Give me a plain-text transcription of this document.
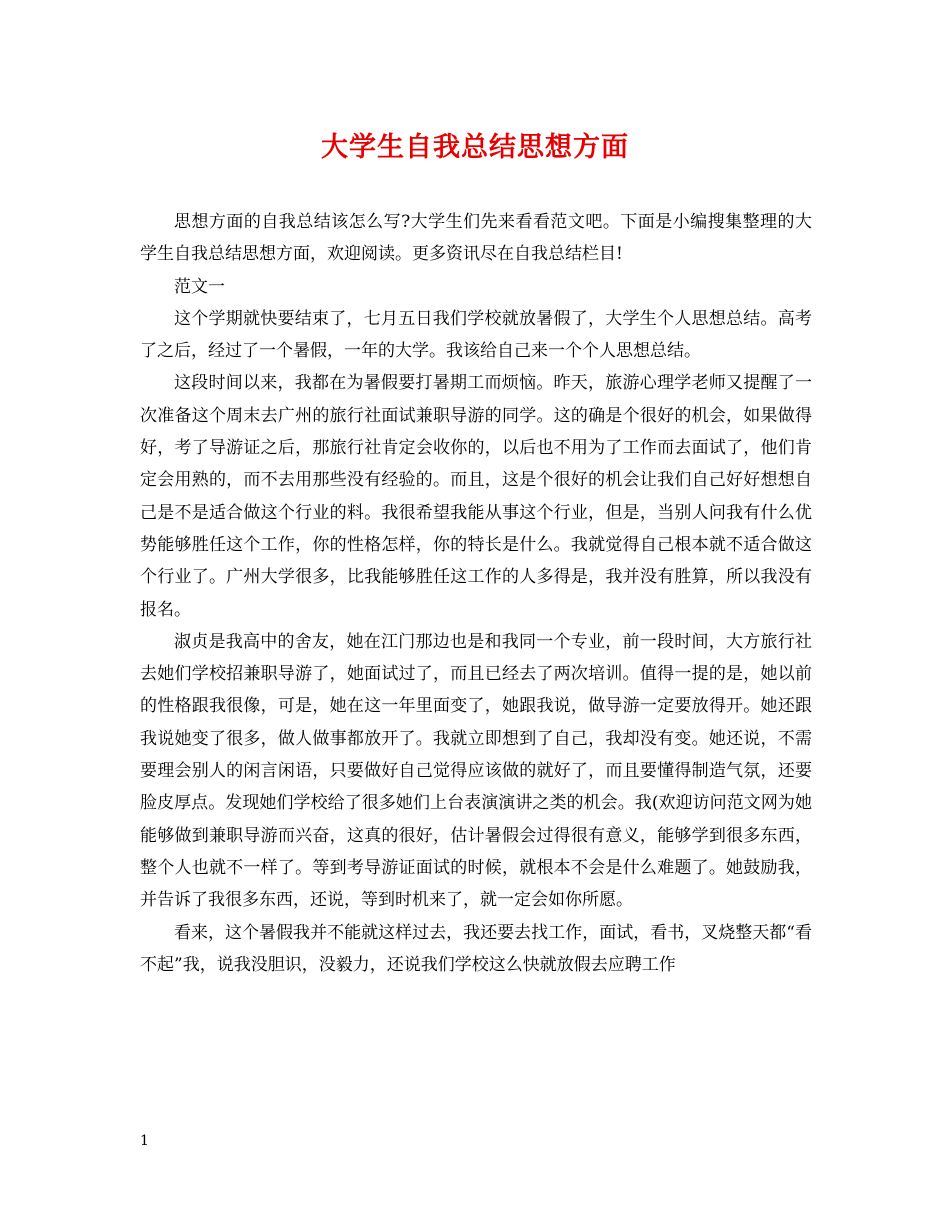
大学生自我总结思想方面

思想方面的自我总结该怎么写?大学生们先来看看范文吧。下面是小编搜集整理的大学生自我总结思想方面，欢迎阅读。更多资讯尽在自我总结栏目!

范文一

这个学期就快要结束了，七月五日我们学校就放暑假了，大学生个人思想总结。高考了之后，经过了一个暑假，一年的大学。我该给自己来一个个人思想总结。

这段时间以来，我都在为暑假要打暑期工而烦恼。昨天，旅游心理学老师又提醒了一次准备这个周末去广州的旅行社面试兼职导游的同学。这的确是个很好的机会，如果做得好，考了导游证之后，那旅行社肯定会收你的，以后也不用为了工作而去面试了，他们肯定会用熟的，而不去用那些没有经验的。而且，这是个很好的机会让我们自己好好想想自己是不是适合做这个行业的料。我很希望我能从事这个行业，但是，当别人问我有什么优势能够胜任这个工作，你的性格怎样，你的特长是什么。我就觉得自己根本就不适合做这个行业了。广州大学很多，比我能够胜任这工作的人多得是，我并没有胜算，所以我没有报名。

淑贞是我高中的舍友，她在江门那边也是和我同一个专业，前一段时间，大方旅行社去她们学校招兼职导游了，她面试过了，而且已经去了两次培训。值得一提的是，她以前的性格跟我很像，可是，她在这一年里面变了，她跟我说，做导游一定要放得开。她还跟我说她变了很多，做人做事都放开了。我就立即想到了自己，我却没有变。她还说，不需要理会别人的闲言闲语，只要做好自己觉得应该做的就好了，而且要懂得制造气氛，还要脸皮厚点。发现她们学校给了很多她们上台表演演讲之类的机会。我(欢迎访问范文网为她能够做到兼职导游而兴奋，这真的很好，估计暑假会过得很有意义，能够学到很多东西，整个人也就不一样了。等到考导游证面试的时候，就根本不会是什么难题了。她鼓励我，并告诉了我很多东西，还说，等到时机来了，就一定会如你所愿。

看来，这个暑假我并不能就这样过去，我还要去找工作，面试，看书，叉烧整天都“看不起”我，说我没胆识，没毅力，还说我们学校这么快就放假去应聘工作

1
